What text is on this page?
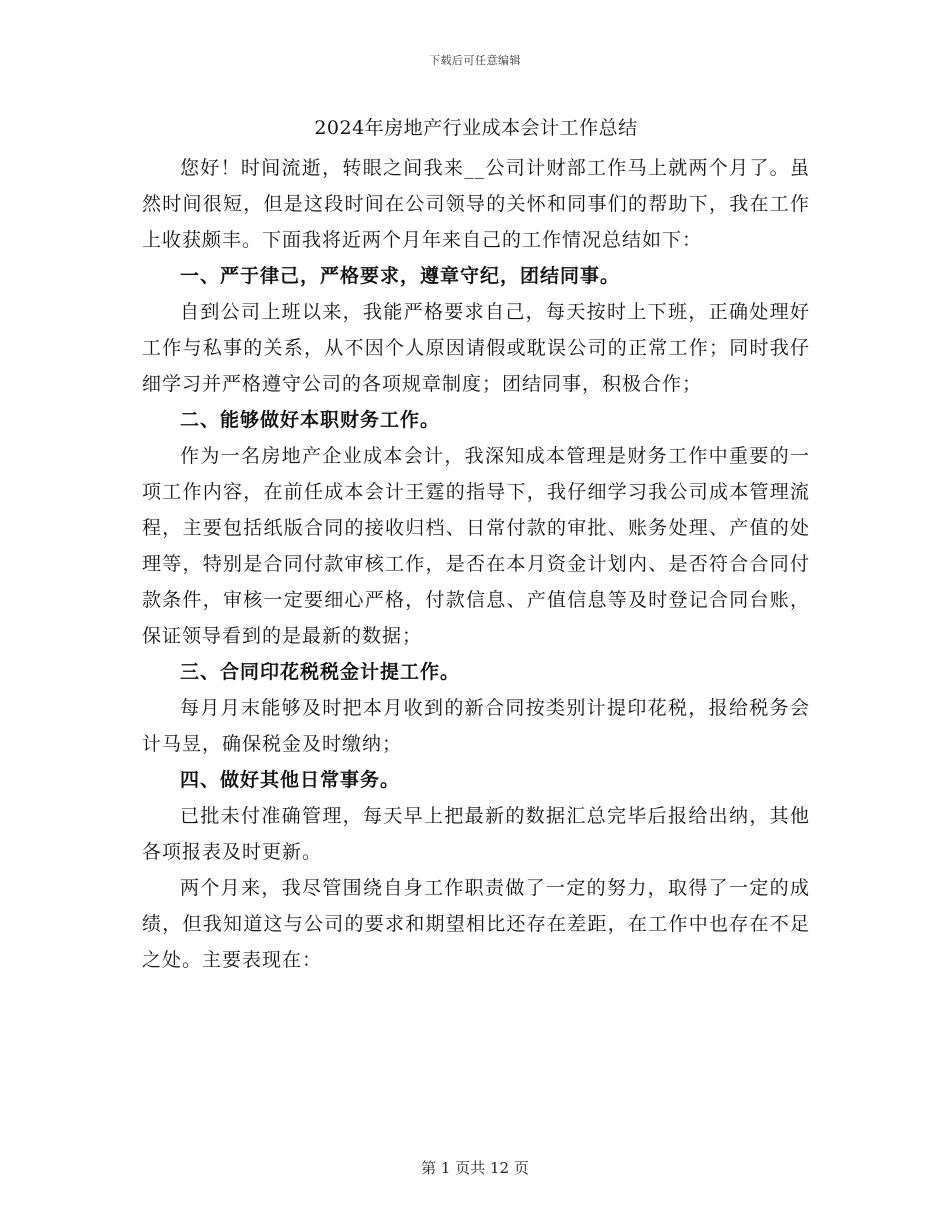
下载后可任意编辑
2024年房地产行业成本会计工作总结

您好！时间流逝，转眼之间我来__公司计财部工作马上就两个月了。虽然时间很短，但是这段时间在公司领导的关怀和同事们的帮助下，我在工作上收获颇丰。下面我将近两个月年来自己的工作情况总结如下：

一、严于律己，严格要求，遵章守纪，团结同事。

自到公司上班以来，我能严格要求自己，每天按时上下班，正确处理好工作与私事的关系，从不因个人原因请假或耽误公司的正常工作；同时我仔细学习并严格遵守公司的各项规章制度；团结同事，积极合作；

二、能够做好本职财务工作。

作为一名房地产企业成本会计，我深知成本管理是财务工作中重要的一项工作内容，在前任成本会计王霆的指导下，我仔细学习我公司成本管理流程，主要包括纸版合同的接收归档、日常付款的审批、账务处理、产值的处理等，特别是合同付款审核工作，是否在本月资金计划内、是否符合合同付款条件，审核一定要细心严格，付款信息、产值信息等及时登记合同台账，保证领导看到的是最新的数据；

三、合同印花税税金计提工作。

每月月末能够及时把本月收到的新合同按类别计提印花税，报给税务会计马昱，确保税金及时缴纳；

四、做好其他日常事务。

已批未付准确管理，每天早上把最新的数据汇总完毕后报给出纳，其他各项报表及时更新。

两个月来，我尽管围绕自身工作职责做了一定的努力，取得了一定的成绩，但我知道这与公司的要求和期望相比还存在差距，在工作中也存在不足之处。主要表现在：

第 1 页共 12 页
